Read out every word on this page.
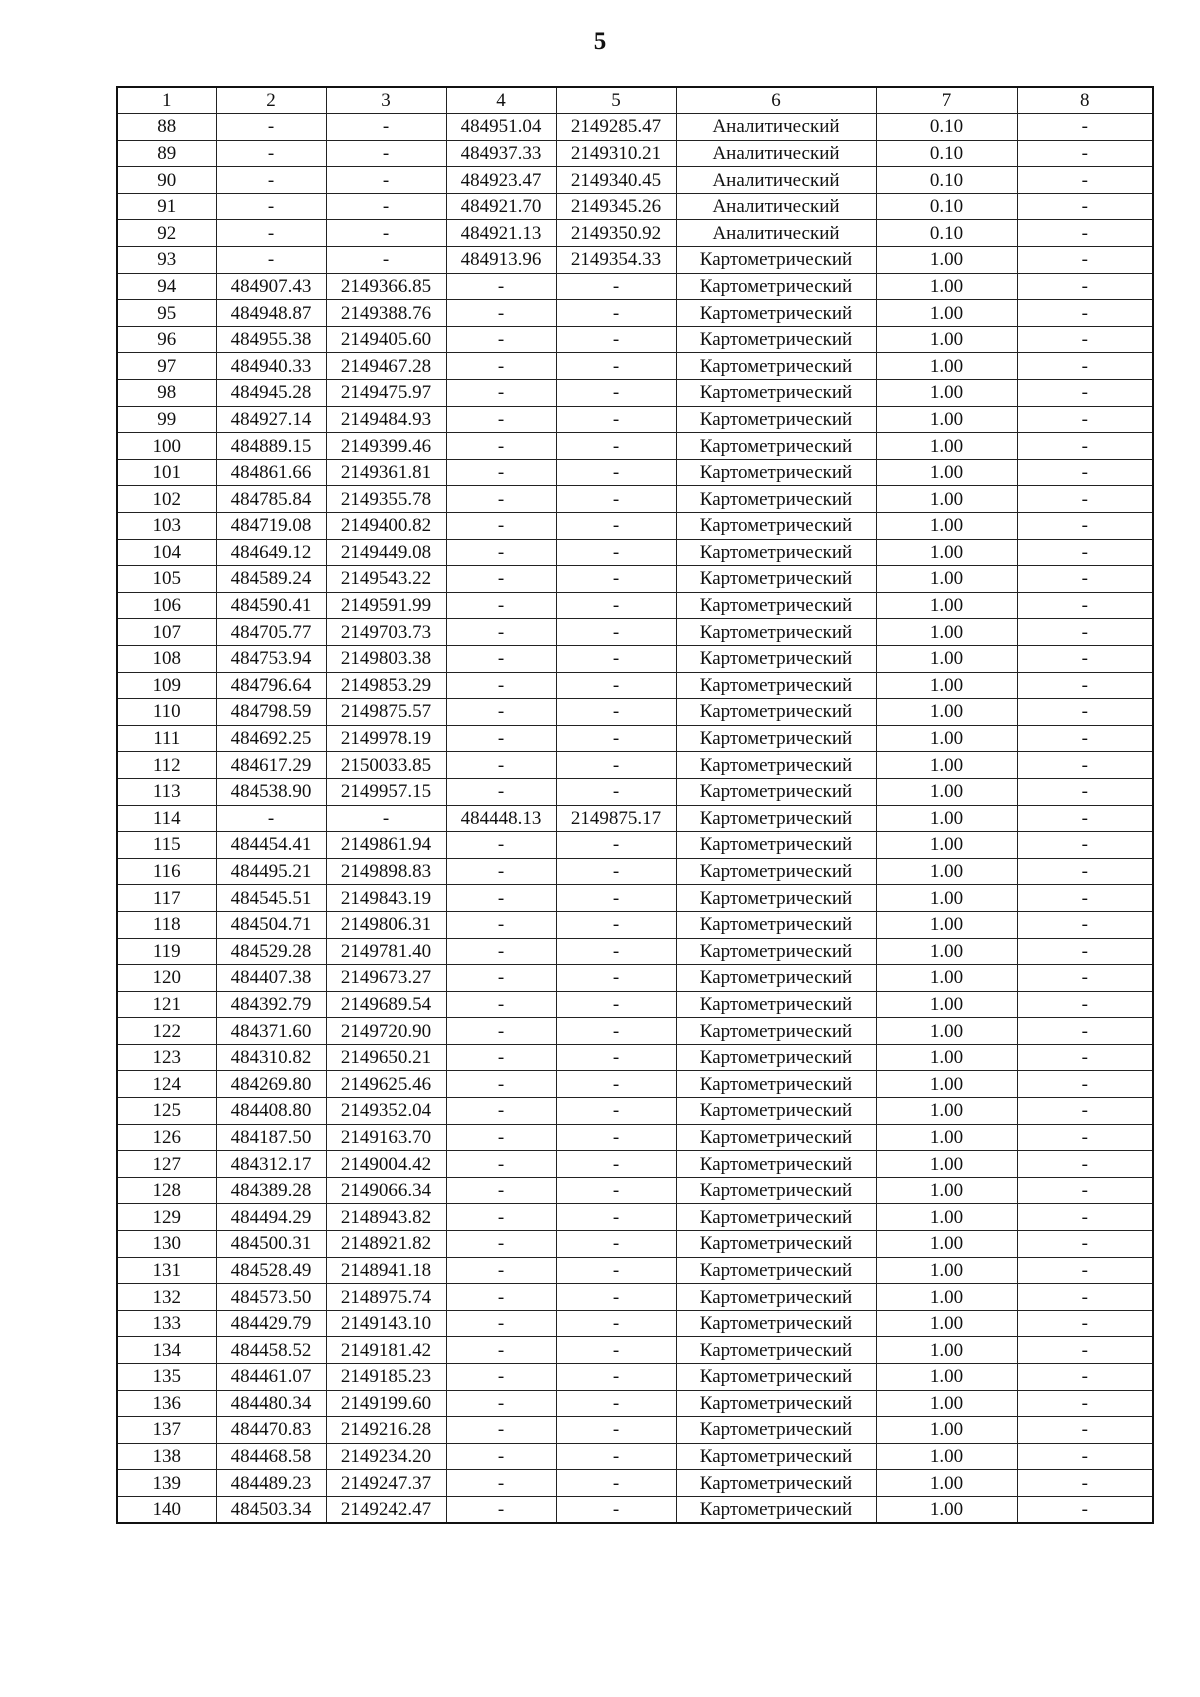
5
1	2	3	4	5	6	7	8
88	-	-	484951.04	2149285.47	Аналитический	0.10	-
89	-	-	484937.33	2149310.21	Аналитический	0.10	-
90	-	-	484923.47	2149340.45	Аналитический	0.10	-
91	-	-	484921.70	2149345.26	Аналитический	0.10	-
92	-	-	484921.13	2149350.92	Аналитический	0.10	-
93	-	-	484913.96	2149354.33	Картометрический	1.00	-
94	484907.43	2149366.85	-	-	Картометрический	1.00	-
95	484948.87	2149388.76	-	-	Картометрический	1.00	-
96	484955.38	2149405.60	-	-	Картометрический	1.00	-
97	484940.33	2149467.28	-	-	Картометрический	1.00	-
98	484945.28	2149475.97	-	-	Картометрический	1.00	-
99	484927.14	2149484.93	-	-	Картометрический	1.00	-
100	484889.15	2149399.46	-	-	Картометрический	1.00	-
101	484861.66	2149361.81	-	-	Картометрический	1.00	-
102	484785.84	2149355.78	-	-	Картометрический	1.00	-
103	484719.08	2149400.82	-	-	Картометрический	1.00	-
104	484649.12	2149449.08	-	-	Картометрический	1.00	-
105	484589.24	2149543.22	-	-	Картометрический	1.00	-
106	484590.41	2149591.99	-	-	Картометрический	1.00	-
107	484705.77	2149703.73	-	-	Картометрический	1.00	-
108	484753.94	2149803.38	-	-	Картометрический	1.00	-
109	484796.64	2149853.29	-	-	Картометрический	1.00	-
110	484798.59	2149875.57	-	-	Картометрический	1.00	-
111	484692.25	2149978.19	-	-	Картометрический	1.00	-
112	484617.29	2150033.85	-	-	Картометрический	1.00	-
113	484538.90	2149957.15	-	-	Картометрический	1.00	-
114	-	-	484448.13	2149875.17	Картометрический	1.00	-
115	484454.41	2149861.94	-	-	Картометрический	1.00	-
116	484495.21	2149898.83	-	-	Картометрический	1.00	-
117	484545.51	2149843.19	-	-	Картометрический	1.00	-
118	484504.71	2149806.31	-	-	Картометрический	1.00	-
119	484529.28	2149781.40	-	-	Картометрический	1.00	-
120	484407.38	2149673.27	-	-	Картометрический	1.00	-
121	484392.79	2149689.54	-	-	Картометрический	1.00	-
122	484371.60	2149720.90	-	-	Картометрический	1.00	-
123	484310.82	2149650.21	-	-	Картометрический	1.00	-
124	484269.80	2149625.46	-	-	Картометрический	1.00	-
125	484408.80	2149352.04	-	-	Картометрический	1.00	-
126	484187.50	2149163.70	-	-	Картометрический	1.00	-
127	484312.17	2149004.42	-	-	Картометрический	1.00	-
128	484389.28	2149066.34	-	-	Картометрический	1.00	-
129	484494.29	2148943.82	-	-	Картометрический	1.00	-
130	484500.31	2148921.82	-	-	Картометрический	1.00	-
131	484528.49	2148941.18	-	-	Картометрический	1.00	-
132	484573.50	2148975.74	-	-	Картометрический	1.00	-
133	484429.79	2149143.10	-	-	Картометрический	1.00	-
134	484458.52	2149181.42	-	-	Картометрический	1.00	-
135	484461.07	2149185.23	-	-	Картометрический	1.00	-
136	484480.34	2149199.60	-	-	Картометрический	1.00	-
137	484470.83	2149216.28	-	-	Картометрический	1.00	-
138	484468.58	2149234.20	-	-	Картометрический	1.00	-
139	484489.23	2149247.37	-	-	Картометрический	1.00	-
140	484503.34	2149242.47	-	-	Картометрический	1.00	-
